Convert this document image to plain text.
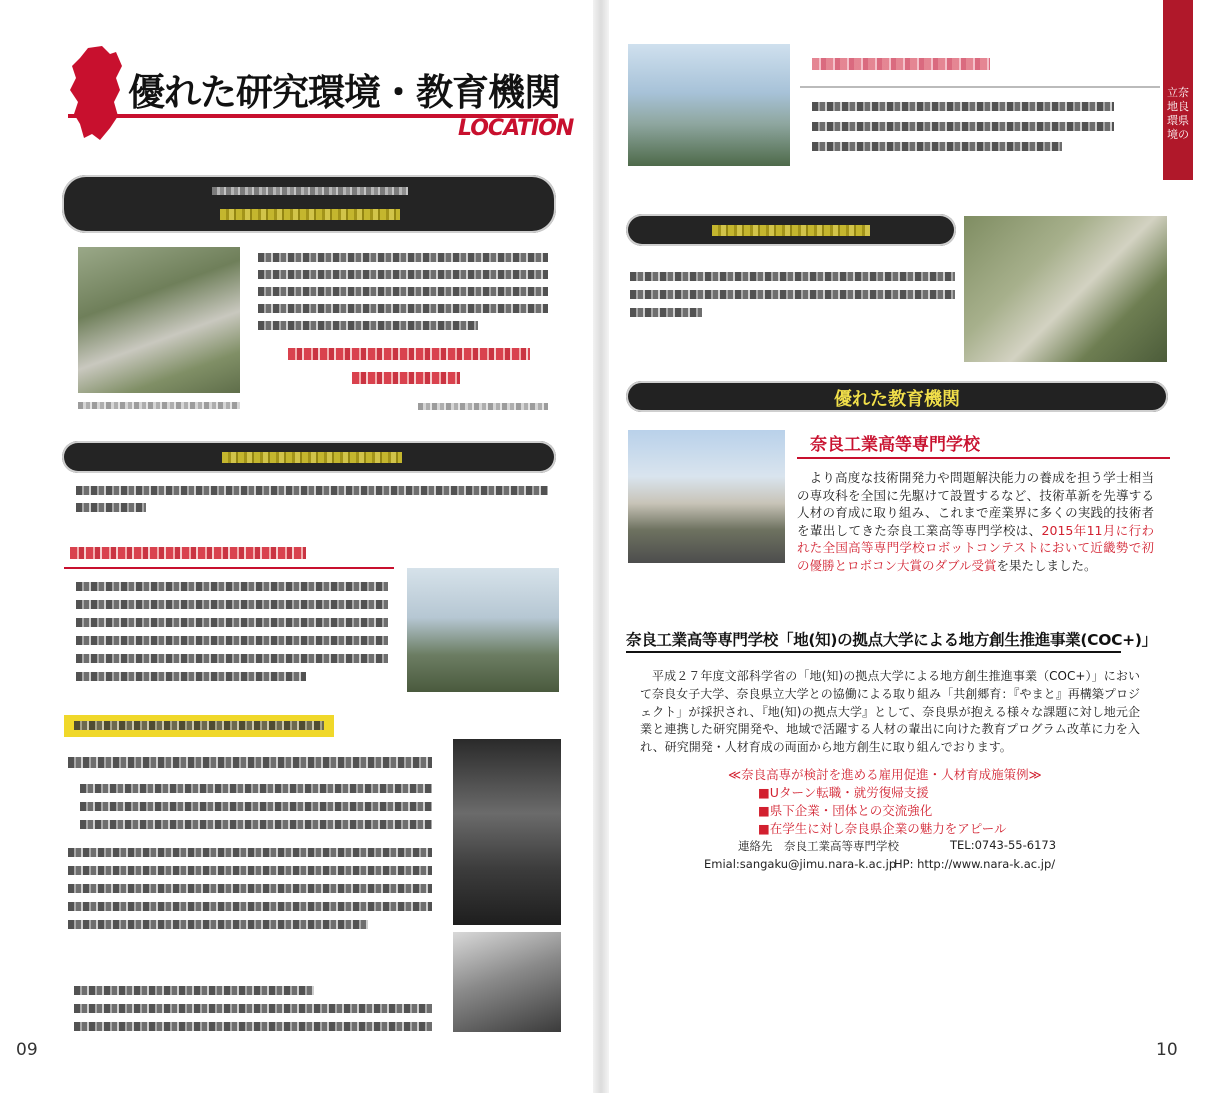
優れた研究環境・教育機関
LOCATION
09
優れた教育機関
奈良工業高等専門学校
より高度な技術開発力や問題解決能力の養成を担う学士相当の専攻科を全国に先駆けて設置するなど、技術革新を先導する人材の育成に取り組み、これまで産業界に多くの実践的技術者を輩出してきた奈良工業高等専門学校は、2015年11月に行われた全国高等専門学校ロボットコンテストにおいて近畿勢で初の優勝とロボコン大賞のダブル受賞を果たしました。
奈良工業高等専門学校「地(知)の拠点大学による地方創生推進事業(COC+)」
平成２７年度文部科学省の「地(知)の拠点大学による地方創生推進事業（COC+）」において奈良女子大学、奈良県立大学との協働による取り組み「共創郷育：『やまと』再構築プロジェクト」が採択され、『地(知)の拠点大学』として、奈良県が抱える様々な課題に対し地元企業と連携した研究開発や、地域で活躍する人材の輩出に向けた教育プログラム改革に力を入れ、研究開発・人材育成の両面から地方創生に取り組んでおります。
≪奈良高専が検討を進める雇用促進・人材育成施策例≫
■Uターン転職・就労復帰支援
■県下企業・団体との交流強化
■在学生に対し奈良県企業の魅力をアピール
連絡先　奈良工業高等専門学校	TEL:0743-55-6173
Emial:sangaku@jimu.nara-k.ac.jp
HP: http://www.nara-k.ac.jp/
立奈
地良
環県
境の
10
